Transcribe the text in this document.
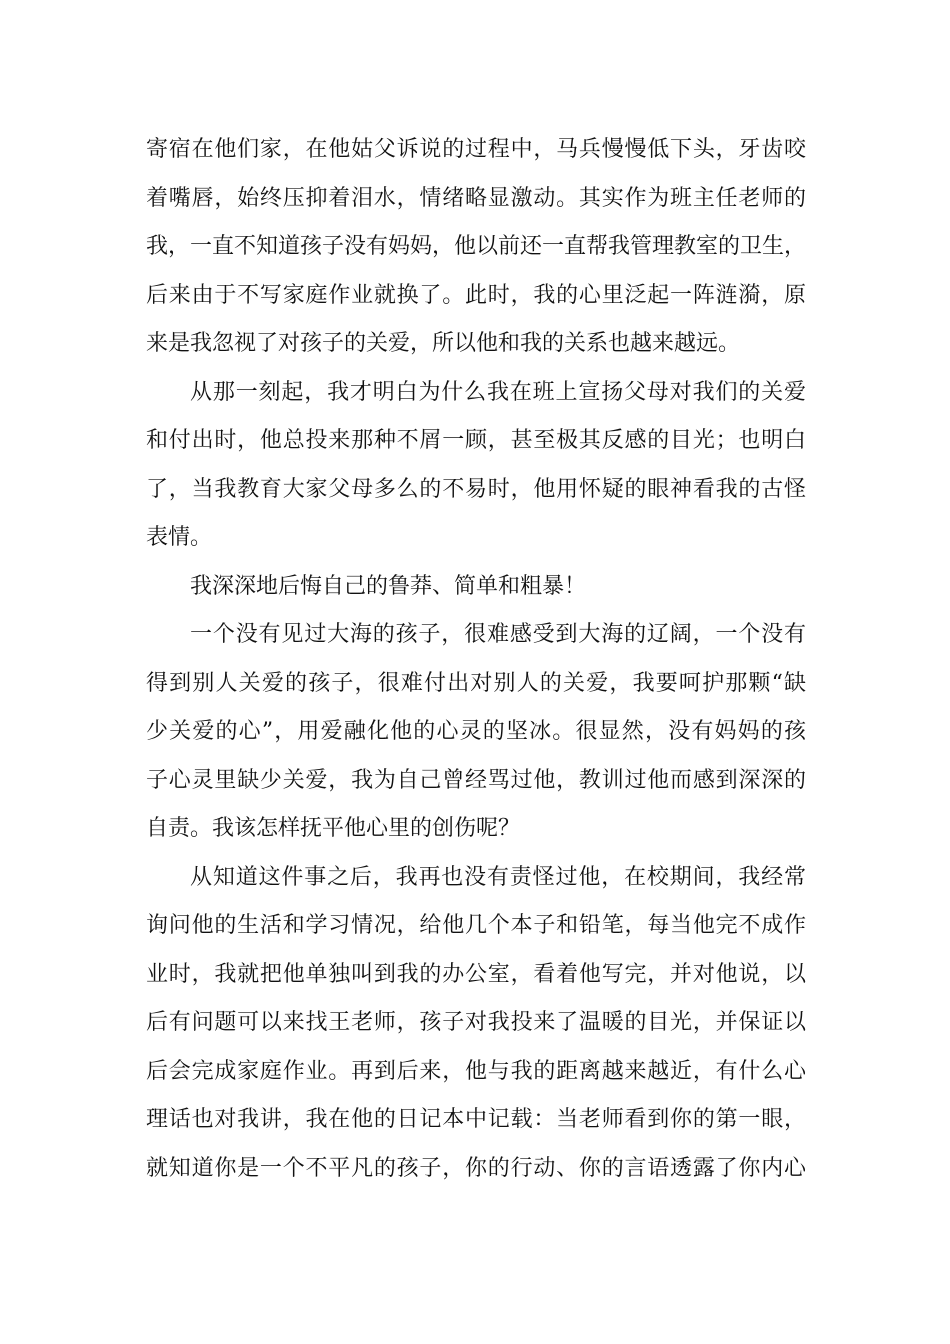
寄宿在他们家，在他姑父诉说的过程中，马兵慢慢低下头，牙齿咬
着嘴唇，始终压抑着泪水，情绪略显激动。其实作为班主任老师的
我，一直不知道孩子没有妈妈，他以前还一直帮我管理教室的卫生，
后来由于不写家庭作业就换了。此时，我的心里泛起一阵涟漪，原
来是我忽视了对孩子的关爱，所以他和我的关系也越来越远。
从那一刻起，我才明白为什么我在班上宣扬父母对我们的关爱
和付出时，他总投来那种不屑一顾，甚至极其反感的目光；也明白
了，当我教育大家父母多么的不易时，他用怀疑的眼神看我的古怪
表情。
我深深地后悔自己的鲁莽、简单和粗暴！
一个没有见过大海的孩子，很难感受到大海的辽阔，一个没有
得到别人关爱的孩子，很难付出对别人的关爱，我要呵护那颗“缺
少关爱的心”，用爱融化他的心灵的坚冰。很显然，没有妈妈的孩
子心灵里缺少关爱，我为自己曾经骂过他，教训过他而感到深深的
自责。我该怎样抚平他心里的创伤呢？
从知道这件事之后，我再也没有责怪过他，在校期间，我经常
询问他的生活和学习情况，给他几个本子和铅笔，每当他完不成作
业时，我就把他单独叫到我的办公室，看着他写完，并对他说，以
后有问题可以来找王老师，孩子对我投来了温暖的目光，并保证以
后会完成家庭作业。再到后来，他与我的距离越来越近，有什么心
理话也对我讲，我在他的日记本中记载：当老师看到你的第一眼，
就知道你是一个不平凡的孩子，你的行动、你的言语透露了你内心
